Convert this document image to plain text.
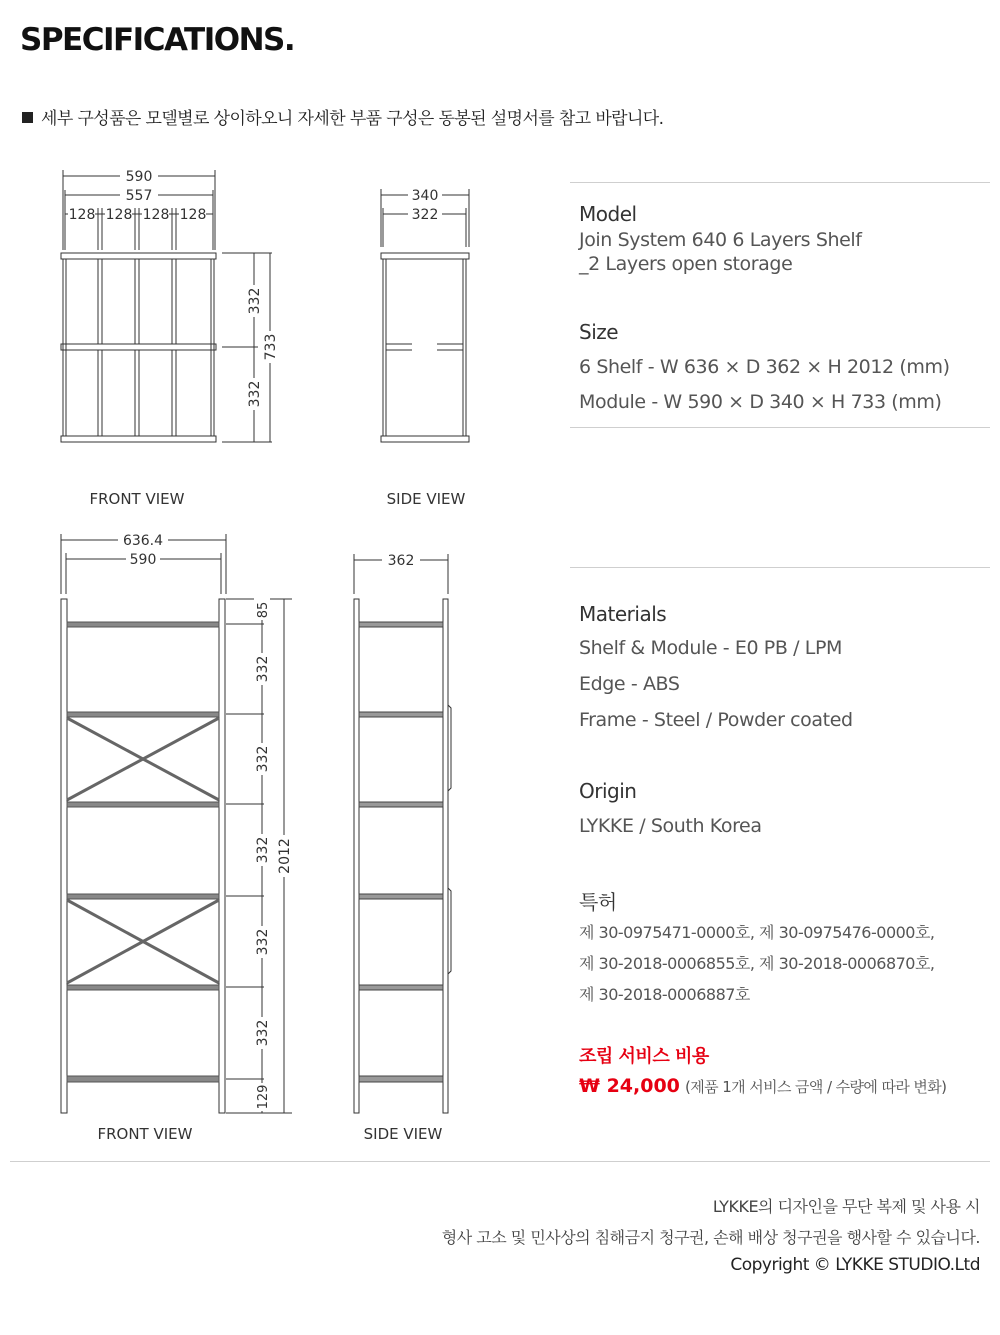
SPECIFICATIONS.
세부 구성품은 모델별로 상이하오니 자세한 부품 구성은 동봉된 설명서를 참고 바랍니다.
590
557
128 128 128 128
332
332
733
FRONT VIEW
340
322
SIDE VIEW
636.4
590
85
332
332
332
332
332
129
2012
FRONT VIEW
362
SIDE VIEW
Model
Join System 640 6 Layers Shelf
_2 Layers open storage
Size
6 Shelf - W 636 × D 362 × H 2012 (mm)
Module - W 590 × D 340 × H 733 (mm)
Materials
Shelf & Module - E0 PB / LPM
Edge - ABS
Frame - Steel / Powder coated
Origin
LYKKE / South Korea
특허
제 30-0975471-0000호, 제 30-0975476-0000호,
제 30-2018-0006855호, 제 30-2018-0006870호,
제 30-2018-0006887호
조립 서비스 비용
₩ 24,000 (제품 1개 서비스 금액 / 수량에 따라 변화)
LYKKE의 디자인을 무단 복제 및 사용 시
형사 고소 및 민사상의 침해금지 청구권, 손해 배상 청구권을 행사할 수 있습니다.
Copyright © LYKKE STUDIO.Ltd
